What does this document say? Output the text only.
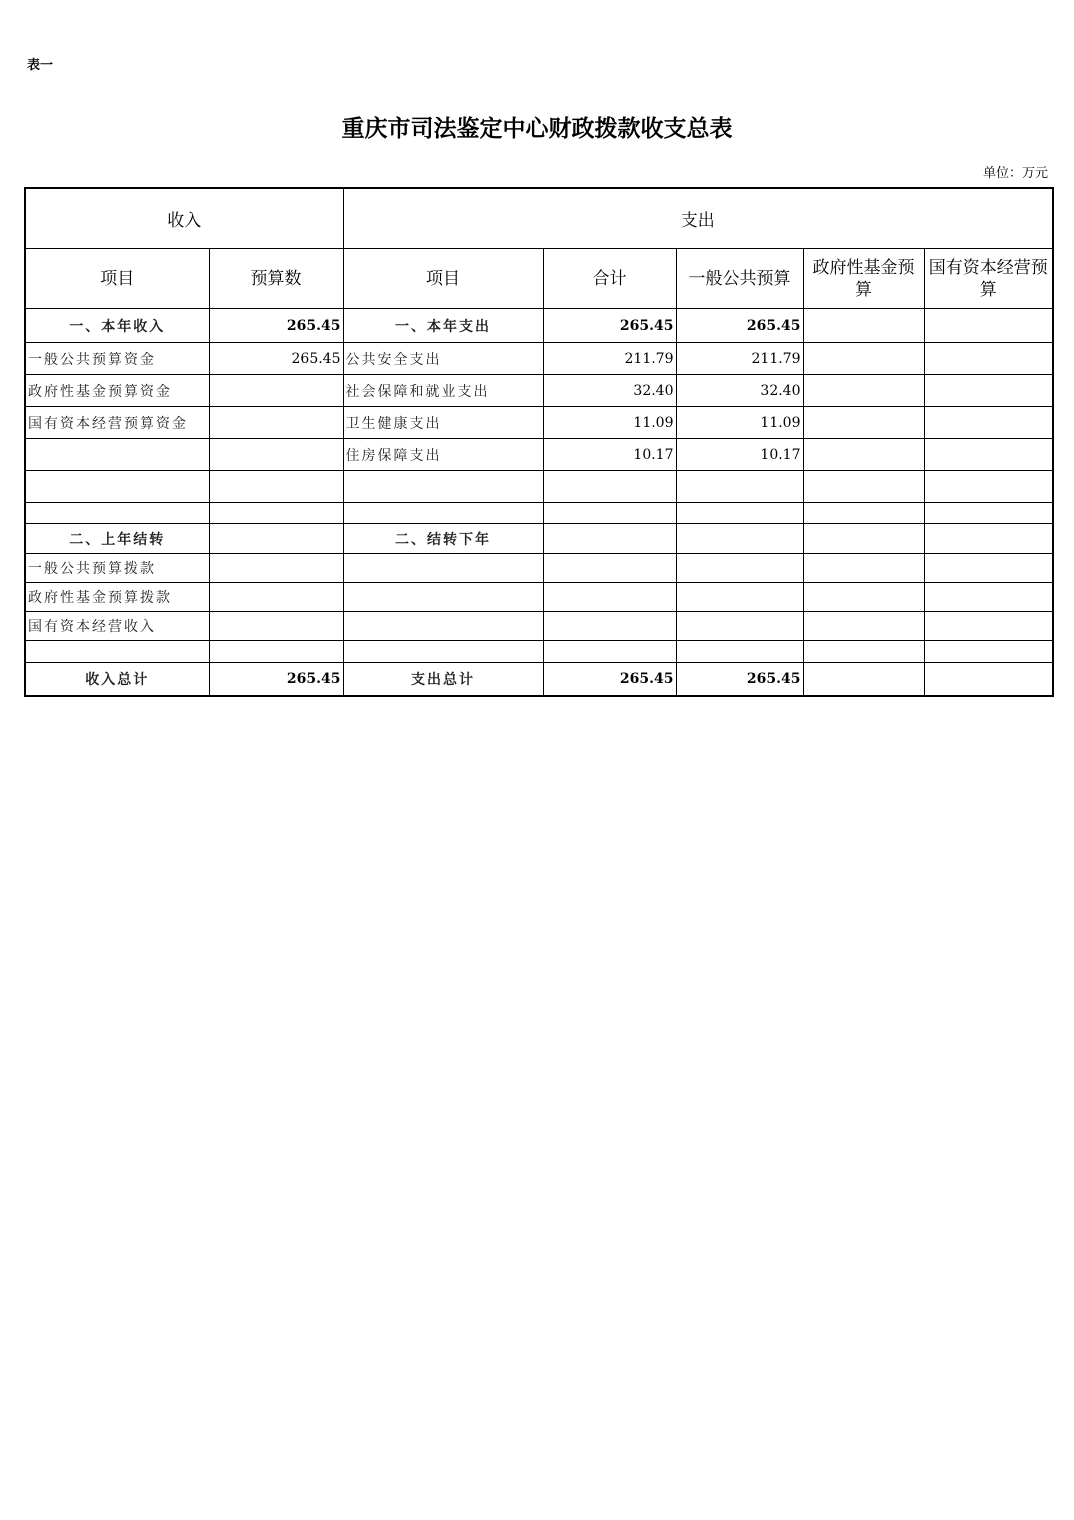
表一
重庆市司法鉴定中心财政拨款收支总表
单位：万元
收入		支出				
项目	预算数	项目	合计	一般公共预算	政府性基金预算	国有资本经营预算
一、本年收入	265.45	一、本年支出	265.45	265.45		
一般公共预算资金	265.45	公共安全支出	211.79	211.79		
政府性基金预算资金		社会保障和就业支出	32.40	32.40		
国有资本经营预算资金		卫生健康支出	11.09	11.09		
		住房保障支出	10.17	10.17		

二、上年结转		二、结转下年				
一般公共预算拨款						
政府性基金预算拨款						
国有资本经营收入						

收入总计	265.45	支出总计	265.45	265.45		
